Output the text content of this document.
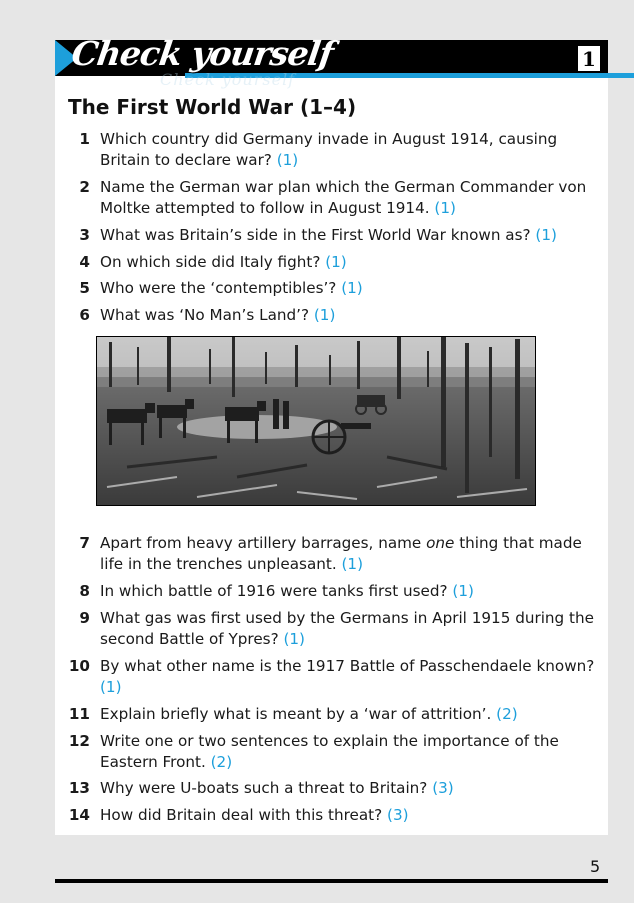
Check yourself
Check yourself	1
The First World War (1–4)
1 Which country did Germany invade in August 1914, causing Britain to declare war? (1)
2 Name the German war plan which the German Commander von Moltke attempted to follow in August 1914. (1)
3 What was Britain’s side in the First World War known as? (1)
4 On which side did Italy fight? (1)
5 Who were the ‘contemptibles’? (1)
6 What was ‘No Man’s Land’? (1)
7 Apart from heavy artillery barrages, name one thing that made life in the trenches unpleasant. (1)
8 In which battle of 1916 were tanks first used? (1)
9 What gas was first used by the Germans in April 1915 during the second Battle of Ypres? (1)
10 By what other name is the 1917 Battle of Passchendaele known? (1)
11 Explain briefly what is meant by a ‘war of attrition’. (2)
12 Write one or two sentences to explain the importance of the Eastern Front. (2)
13 Why were U-boats such a threat to Britain? (3)
14 How did Britain deal with this threat? (3)
5
